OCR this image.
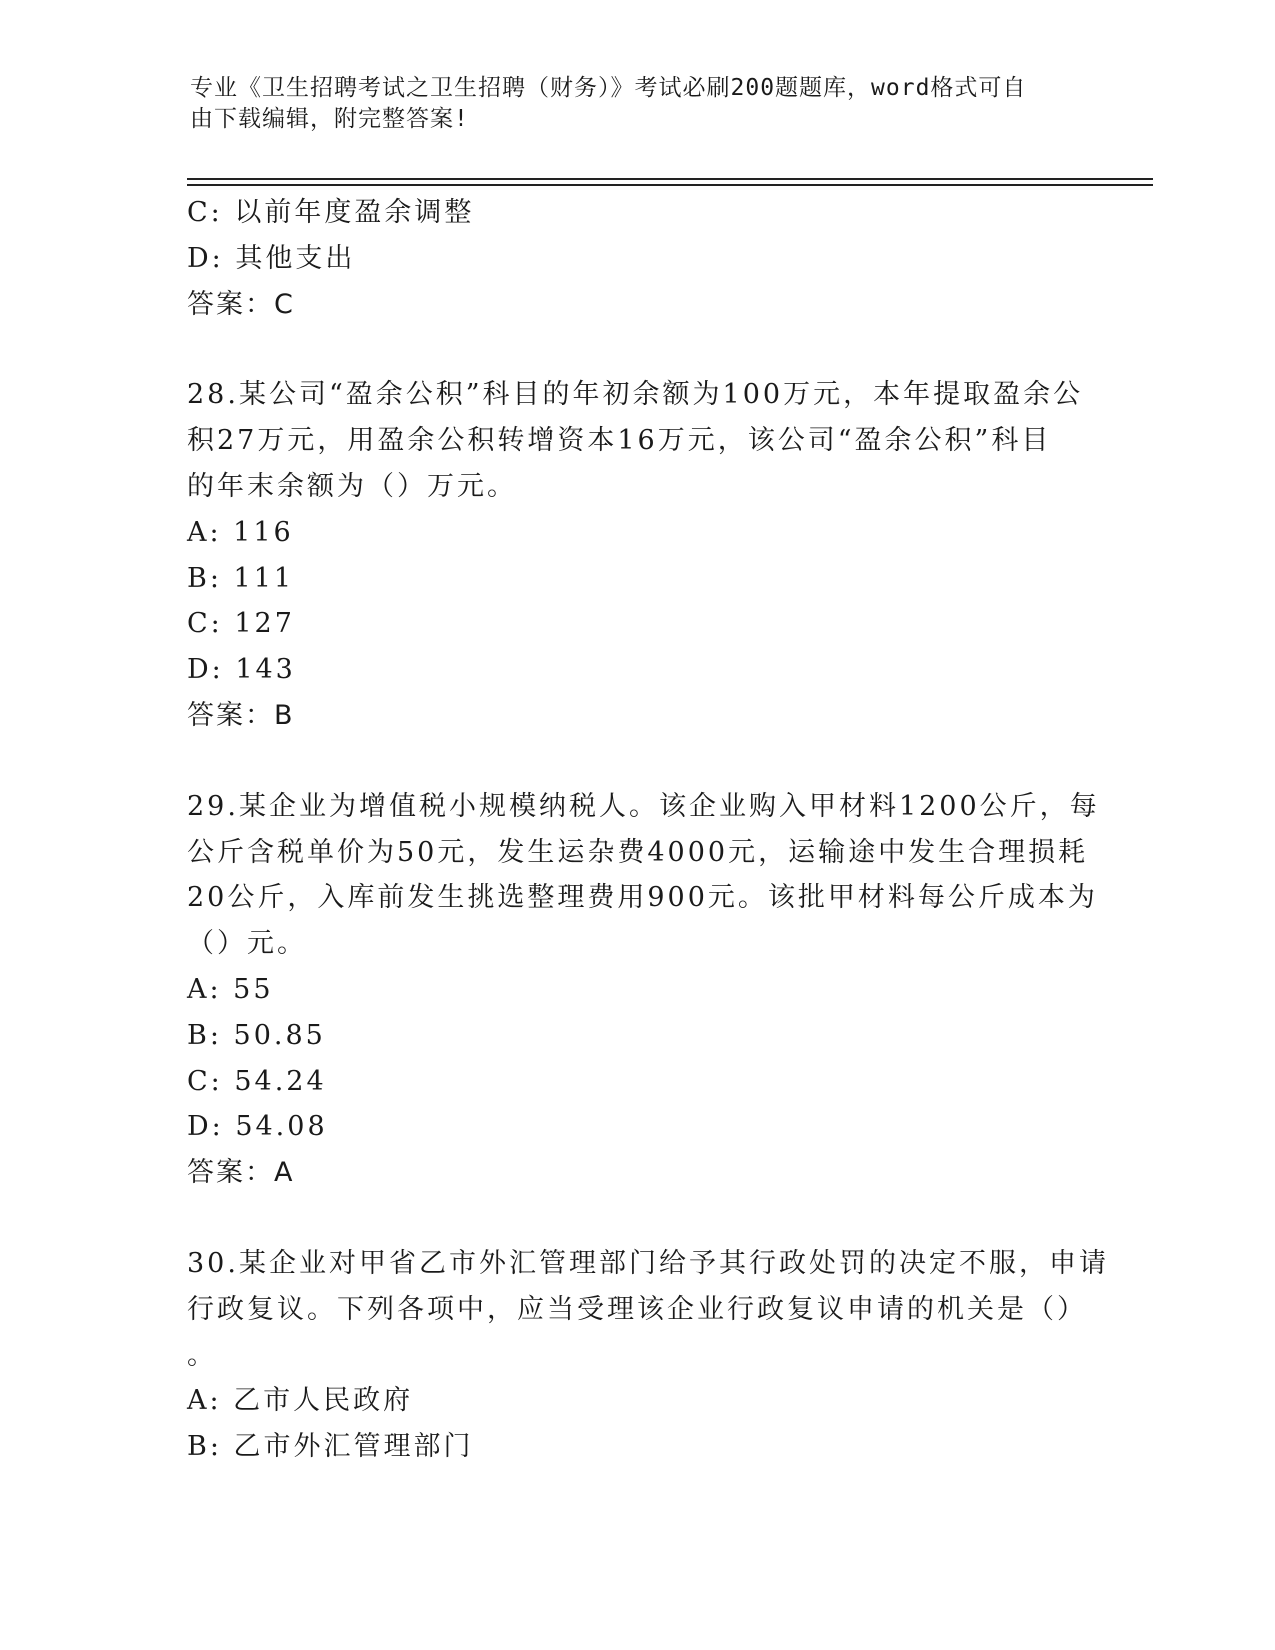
专业《卫生招聘考试之卫生招聘（财务）》考试必刷200题题库，word格式可自
由下载编辑，附完整答案!
C: 以前年度盈余调整
D: 其他支出
答案：C
28.某公司“盈余公积”科目的年初余额为100万元，本年提取盈余公
积27万元，用盈余公积转增资本16万元，该公司“盈余公积”科目
的年末余额为（）万元。
A: 116
B: 111
C: 127
D: 143
答案：B
29.某企业为增值税小规模纳税人。该企业购入甲材料1200公斤，每
公斤含税单价为50元，发生运杂费4000元，运输途中发生合理损耗
20公斤，入库前发生挑选整理费用900元。该批甲材料每公斤成本为
（）元。
A: 55
B: 50.85
C: 54.24
D: 54.08
答案：A
30.某企业对甲省乙市外汇管理部门给予其行政处罚的决定不服，申请
行政复议。下列各项中，应当受理该企业行政复议申请的机关是（）
。
A: 乙市人民政府
B: 乙市外汇管理部门
